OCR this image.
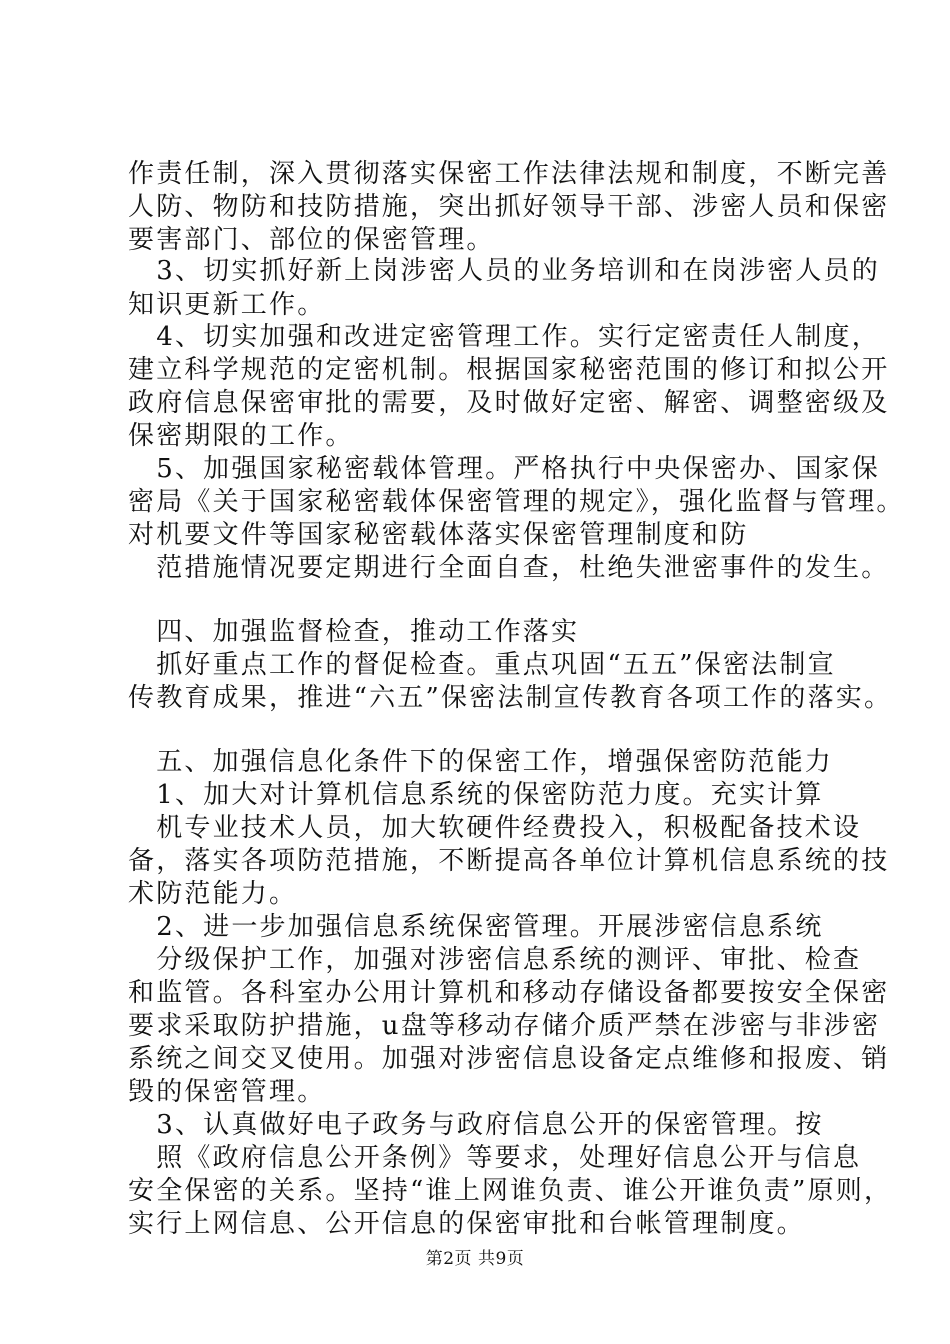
作责任制，深入贯彻落实保密工作法律法规和制度，不断完善
人防、物防和技防措施，突出抓好领导干部、涉密人员和保密
要害部门、部位的保密管理。
　3、切实抓好新上岗涉密人员的业务培训和在岗涉密人员的
知识更新工作。
　4、切实加强和改进定密管理工作。实行定密责任人制度，
建立科学规范的定密机制。根据国家秘密范围的修订和拟公开
政府信息保密审批的需要，及时做好定密、解密、调整密级及
保密期限的工作。
　5、加强国家秘密载体管理。严格执行中央保密办、国家保
密局《关于国家秘密载体保密管理的规定》，强化监督与管理。
对机要文件等国家秘密载体落实保密管理制度和防
　范措施情况要定期进行全面自查，杜绝失泄密事件的发生。
　四、加强监督检查，推动工作落实
　抓好重点工作的督促检查。重点巩固“五五”保密法制宣
传教育成果，推进“六五”保密法制宣传教育各项工作的落实。
　五、加强信息化条件下的保密工作，增强保密防范能力
　1、加大对计算机信息系统的保密防范力度。充实计算
　机专业技术人员，加大软硬件经费投入，积极配备技术设
备，落实各项防范措施，不断提高各单位计算机信息系统的技
术防范能力。
　2、进一步加强信息系统保密管理。开展涉密信息系统
　分级保护工作，加强对涉密信息系统的测评、审批、检查
和监管。各科室办公用计算机和移动存储设备都要按安全保密
要求采取防护措施，u盘等移动存储介质严禁在涉密与非涉密
系统之间交叉使用。加强对涉密信息设备定点维修和报废、销
毁的保密管理。
　3、认真做好电子政务与政府信息公开的保密管理。按
　照《政府信息公开条例》等要求，处理好信息公开与信息
安全保密的关系。坚持“谁上网谁负责、谁公开谁负责”原则，
实行上网信息、公开信息的保密审批和台帐管理制度。
第2页 共9页
